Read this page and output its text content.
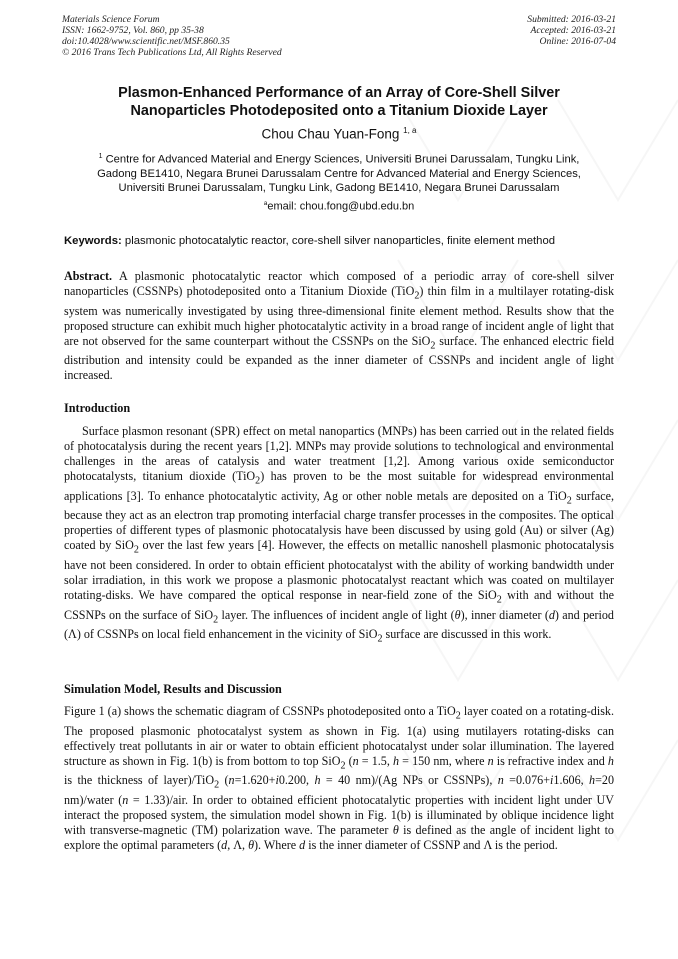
Materials Science Forum
ISSN: 1662-9752, Vol. 860, pp 35-38
doi:10.4028/www.scientific.net/MSF.860.35
© 2016 Trans Tech Publications Ltd, All Rights Reserved
Submitted: 2016-03-21
Accepted: 2016-03-21
Online: 2016-07-04
Plasmon-Enhanced Performance of an Array of Core-Shell Silver
Nanoparticles Photodeposited onto a Titanium Dioxide Layer
Chou Chau Yuan-Fong $^{1, a}$
$^1$ Centre for Advanced Material and Energy Sciences, Universiti Brunei Darussalam, Tungku Link,
Gadong BE1410, Negara Brunei Darussalam Centre for Advanced Material and Energy Sciences,
Universiti Brunei Darussalam, Tungku Link, Gadong BE1410, Negara Brunei Darussalam
$^a$email: chou.fong@ubd.edu.bn
Keywords: plasmonic photocatalytic reactor, core-shell silver nanoparticles, finite element method
Abstract. A plasmonic photocatalytic reactor which composed of a periodic array of core-shell silver nanoparticles (CSSNPs) photodeposited onto a Titanium Dioxide (TiO$_2$) thin film in a multilayer rotating-disk system was numerically investigated by using three-dimensional finite element method. Results show that the proposed structure can exhibit much higher photocatalytic activity in a broad range of incident angle of light that are not observed for the same counterpart without the CSSNPs on the SiO$_2$ surface. The enhanced electric field distribution and intensity could be expanded as the inner diameter of CSSNPs and incident angle of light increased.
Introduction
Surface plasmon resonant (SPR) effect on metal nanopartics (MNPs) has been carried out in the related fields of photocatalysis during the recent years [1,2]. MNPs may provide solutions to technological and environmental challenges in the areas of catalysis and water treatment [1,2]. Among various oxide semiconductor photocatalysts, titanium dioxide (TiO$_2$) has proven to be the most suitable for widespread environmental applications [3]. To enhance photocatalytic activity, Ag or other noble metals are deposited on a TiO$_2$ surface, because they act as an electron trap promoting interfacial charge transfer processes in the composites. The optical properties of different types of plasmonic photocatalysis have been discussed by using gold (Au) or silver (Ag) coated by SiO$_2$ over the last few years [4]. However, the effects on metallic nanoshell plasmonic photocatalysis have not been considered. In order to obtain efficient photocatalyst with the ability of working bandwidth under solar irradiation, in this work we propose a plasmonic photocatalyst reactant which was coated on multilayer rotating-disks. We have compared the optical response in near-field zone of the SiO$_2$ with and without the CSSNPs on the surface of SiO$_2$ layer. The influences of incident angle of light (θ), inner diameter (d) and period (Λ) of CSSNPs on local field enhancement in the vicinity of SiO$_2$ surface are discussed in this work.
Simulation Model, Results and Discussion
Figure 1 (a) shows the schematic diagram of CSSNPs photodeposited onto a TiO$_2$ layer coated on a rotating-disk. The proposed plasmonic photocatalyst system as shown in Fig. 1(a) using mutilayers rotating-disks can effectively treat pollutants in air or water to obtain efficient photocatalyst under solar illumination. The layered structure as shown in Fig. 1(b) is from bottom to top SiO$_2$ (n = 1.5, h = 150 nm, where n is refractive index and h is the thickness of layer)/TiO$_2$ (n=1.620+i0.200, h = 40 nm)/(Ag NPs or CSSNPs), n =0.076+i1.606, h=20 nm)/water (n = 1.33)/air. In order to obtained efficient photocatalytic properties with incident light under UV interact the proposed system, the simulation model shown in Fig. 1(b) is illuminated by oblique incidence light with transverse-magnetic (TM) polarization wave. The parameter θ is defined as the angle of incident light to explore the optimal parameters (d, Λ, θ). Where d is the inner diameter of CSSNP and Λ is the period.
